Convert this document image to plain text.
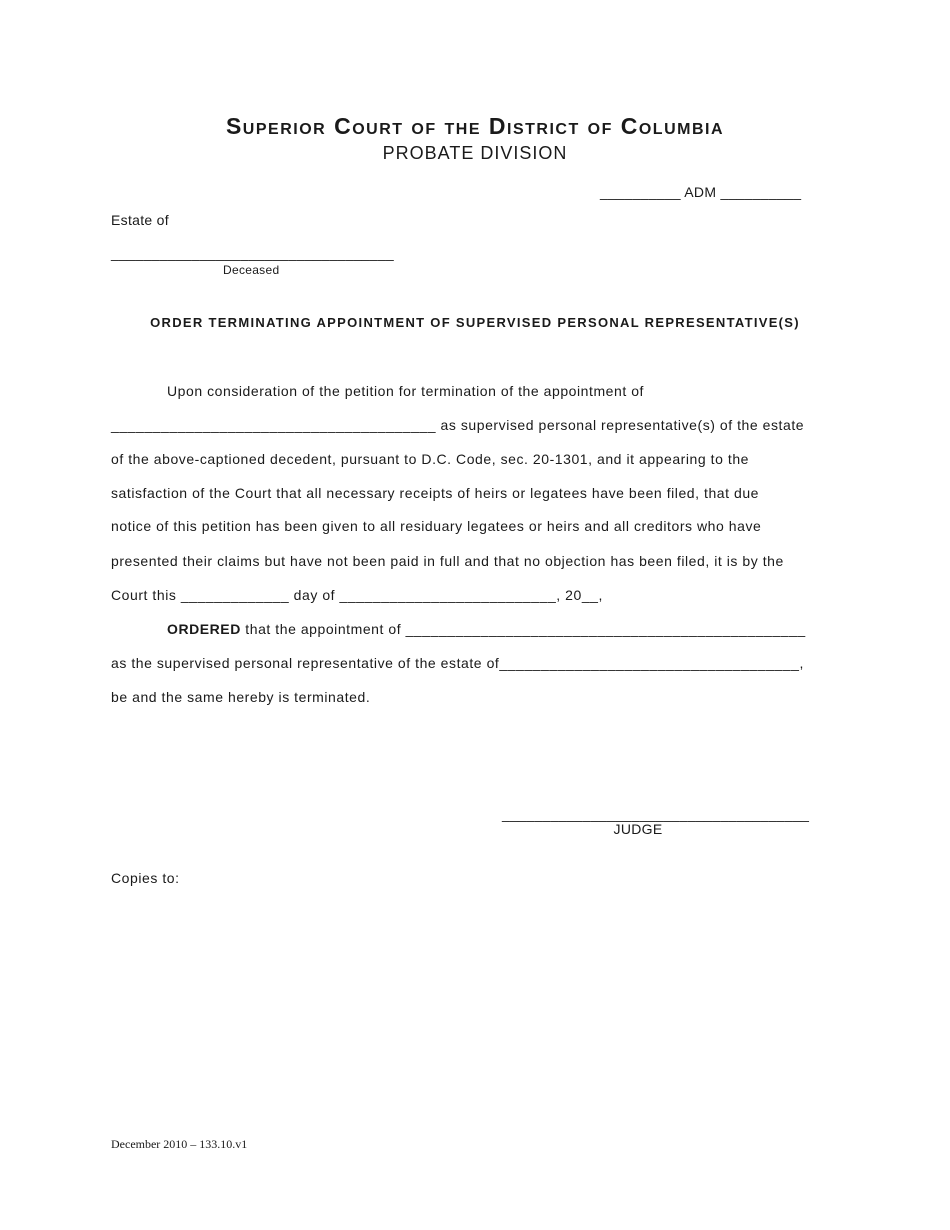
Superior Court of the District of Columbia
PROBATE DIVISION
__________ ADM __________
Estate of
___________________________________
Deceased
ORDER TERMINATING APPOINTMENT OF SUPERVISED PERSONAL REPRESENTATIVE(S)
Upon consideration of the petition for termination of the appointment of
_______________________________________ as supervised personal representative(s) of the estate
of the above-captioned decedent, pursuant to D.C. Code, sec. 20-1301, and it appearing to the
satisfaction of the Court that all necessary receipts of heirs or legatees have been filed, that due
notice of this petition has been given to all residuary legatees or heirs and all creditors who have
presented their claims but have not been paid in full and that no objection has been filed, it is by the
Court this _____________ day of __________________________, 20__,
ORDERED that the appointment of ________________________________________________
as the supervised personal representative of the estate of____________________________________,
be and the same hereby is terminated.
______________________________________
JUDGE
Copies to:
December 2010 – 133.10.v1
